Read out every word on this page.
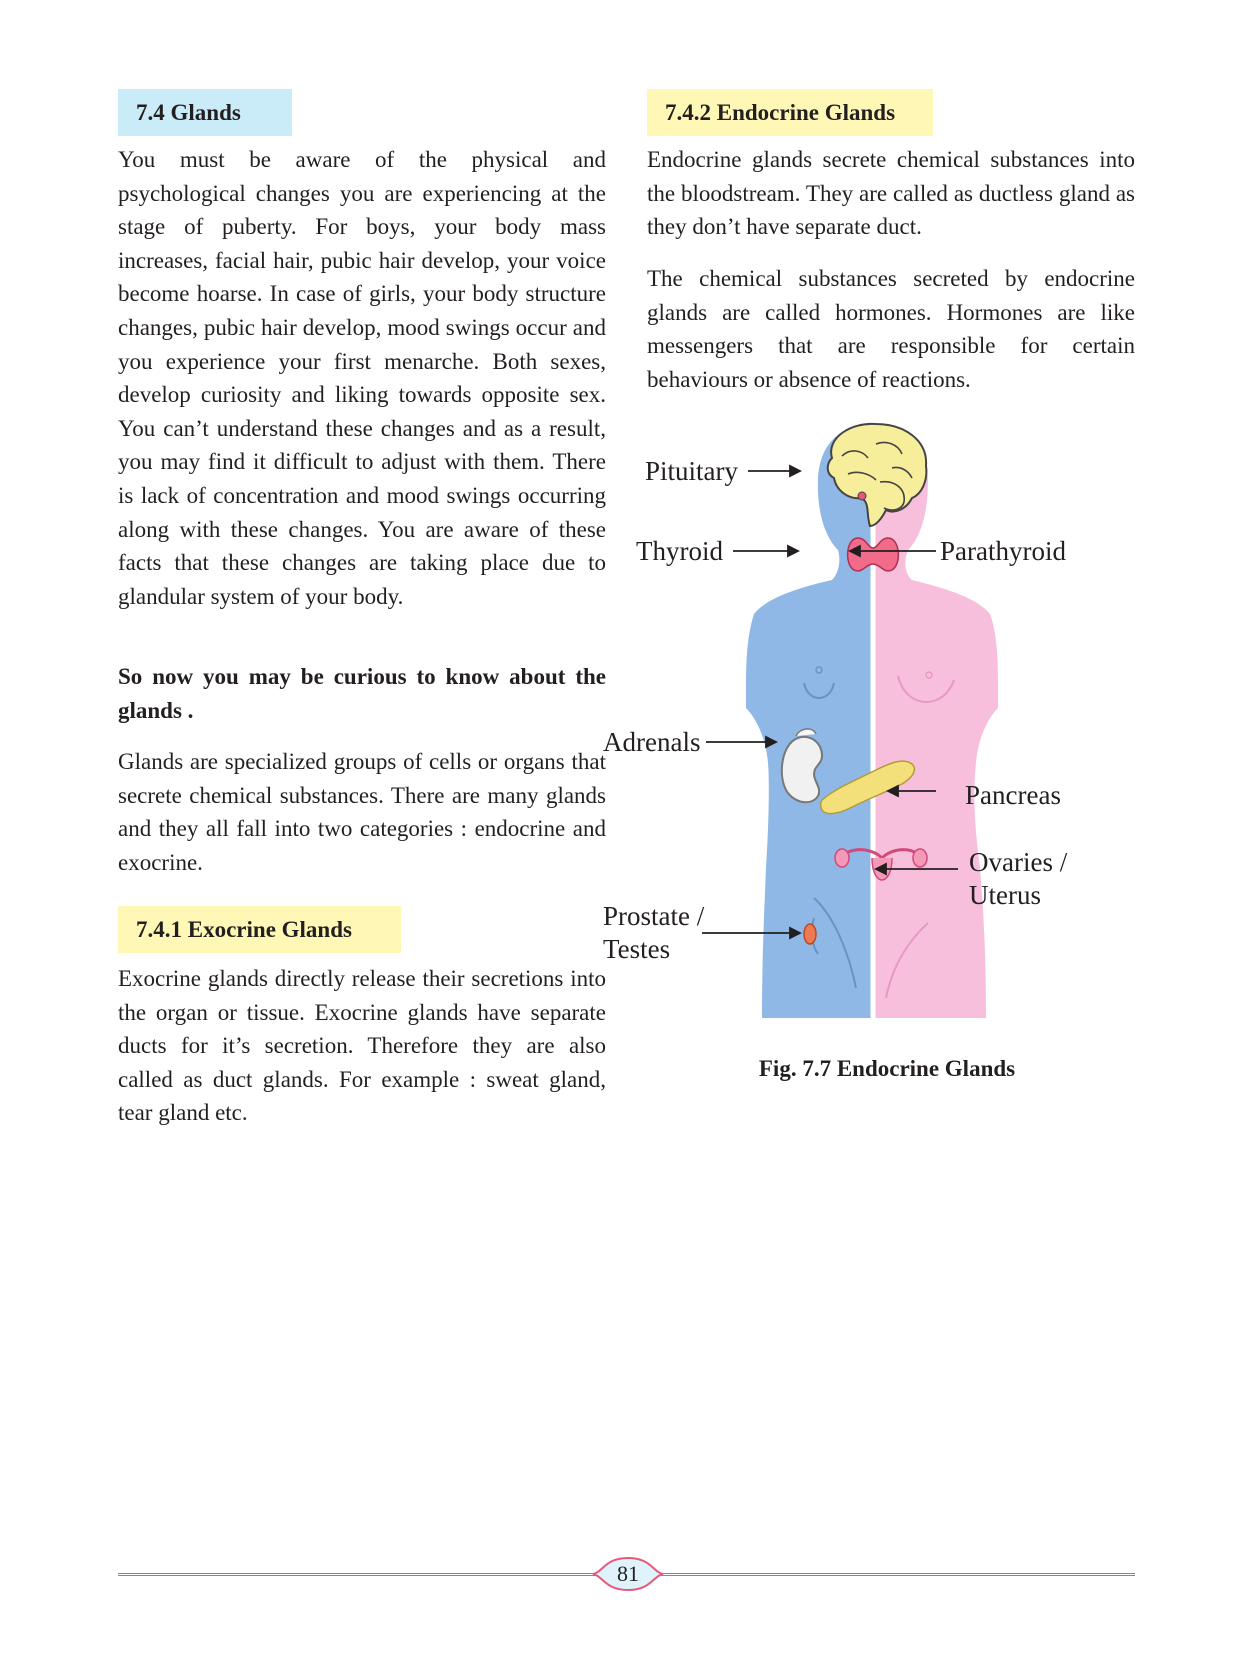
7.4 Glands

You must be aware of the physical and psychological changes you are experiencing at the stage of puberty. For boys, your body mass increases, facial hair, pubic hair develop, your voice become hoarse. In case of girls, your body structure changes, pubic hair develop, mood swings occur and you experience your first menarche. Both sexes, develop curiosity and liking towards opposite sex. You can’t understand these changes and as a result, you may find it difficult to adjust with them. There is lack of concentration and mood swings occurring along with these changes. You are aware of these facts that these changes are taking place due to glandular system of your body.

So now you may be curious to know about the glands .

Glands are specialized groups of cells or organs that secrete chemical substances. There are many glands and they all fall into two categories : endocrine and exocrine.

7.4.1 Exocrine Glands

Exocrine glands directly release their secretions into the organ or tissue. Exocrine glands have separate ducts for it’s secretion. Therefore they are also called as duct glands. For example : sweat gland, tear gland etc.

7.4.2 Endocrine Glands

Endocrine glands secrete chemical substances into the bloodstream. They are called as ductless gland as they don’t have separate duct.

The chemical substances secreted by endocrine glands are called hormones. Hormones are like messengers that are responsible for certain behaviours or absence of reactions.

Pituitary
Thyroid	Parathyroid
Adrenals
Pancreas
Ovaries /
Uterus
Prostate /
Testes
Fig. 7.7 Endocrine Glands
81
